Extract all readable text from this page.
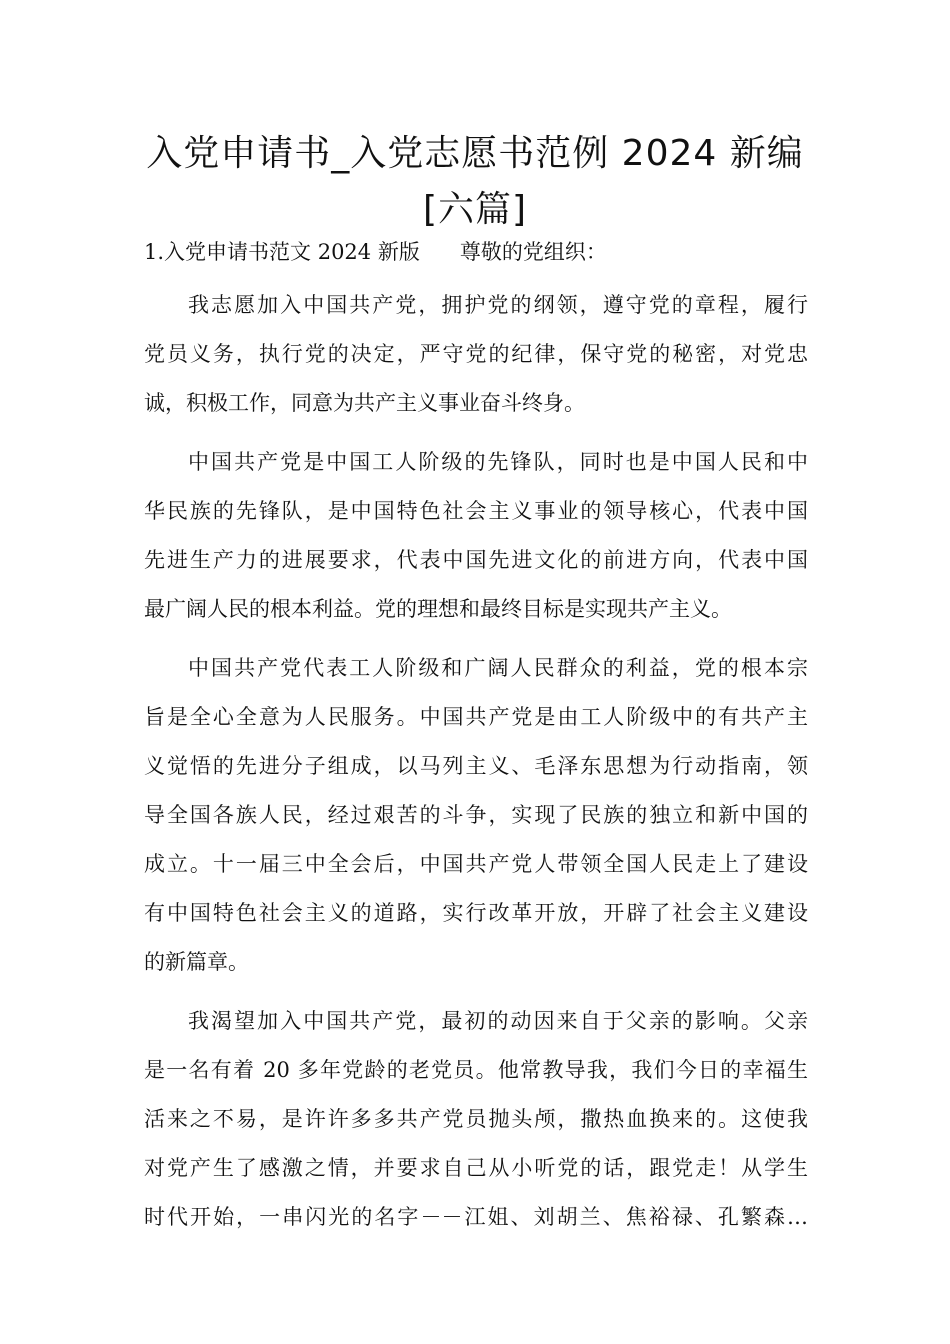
入党申请书_入党志愿书范例 2024 新编
[六篇]
1.入党申请书范文 2024 新版 尊敬的党组织：
我志愿加入中国共产党，拥护党的纲领，遵守党的章程，履行
党员义务，执行党的决定，严守党的纪律，保守党的秘密，对党忠
诚，积极工作，同意为共产主义事业奋斗终身。
中国共产党是中国工人阶级的先锋队，同时也是中国人民和中
华民族的先锋队，是中国特色社会主义事业的领导核心，代表中国
先进生产力的进展要求，代表中国先进文化的前进方向，代表中国
最广阔人民的根本利益。党的理想和最终目标是实现共产主义。
中国共产党代表工人阶级和广阔人民群众的利益，党的根本宗
旨是全心全意为人民服务。中国共产党是由工人阶级中的有共产主
义觉悟的先进分子组成，以马列主义、毛泽东思想为行动指南，领
导全国各族人民，经过艰苦的斗争，实现了民族的独立和新中国的
成立。十一届三中全会后，中国共产党人带领全国人民走上了建设
有中国特色社会主义的道路，实行改革开放，开辟了社会主义建设
的新篇章。
我渴望加入中国共产党，最初的动因来自于父亲的影响。父亲
是一名有着 20 多年党龄的老党员。他常教导我，我们今日的幸福生
活来之不易，是许许多多共产党员抛头颅，撒热血换来的。这使我
对党产生了感激之情，并要求自己从小听党的话，跟党走！从学生
时代开始，一串闪光的名字－－江姐、刘胡兰、焦裕禄、孔繁森…
